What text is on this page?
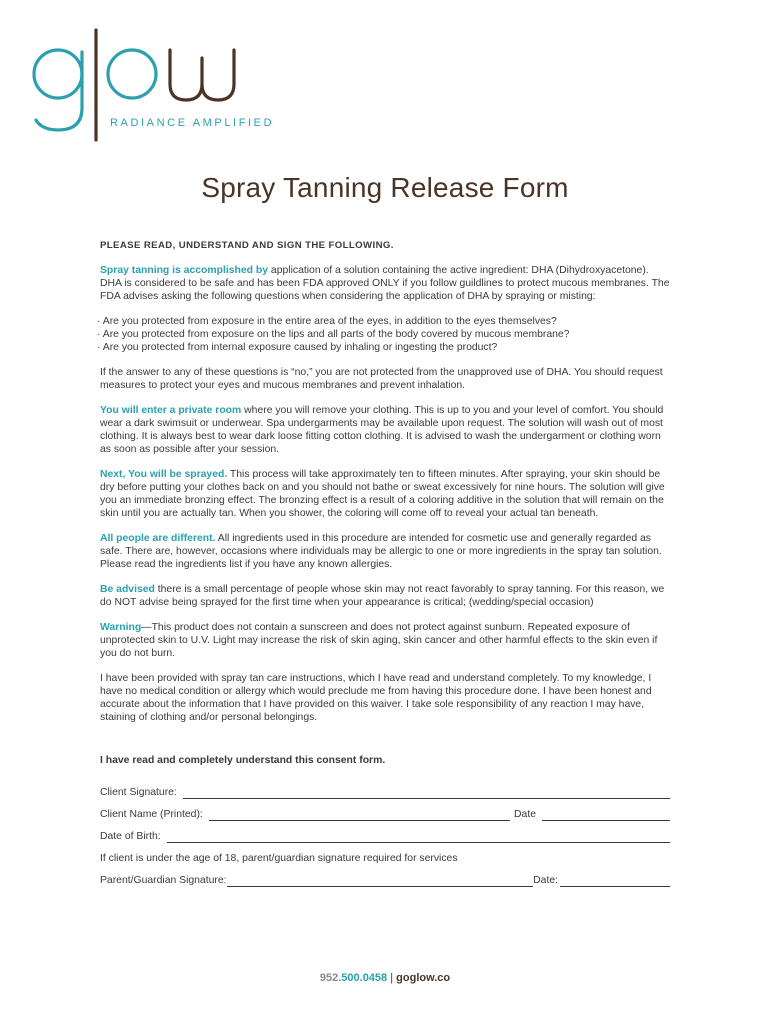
RADIANCE AMPLIFIED
Spray Tanning Release Form

PLEASE READ, UNDERSTAND AND SIGN THE FOLLOWING.

Spray tanning is accomplished by application of a solution containing the active ingredient: DHA (Dihydroxyacetone). DHA is considered to be safe and has been FDA approved ONLY if you follow guildlines to protect mucous membranes. The FDA advises asking the following questions when considering the application of DHA by spraying or misting:

· Are you protected from exposure in the entire area of the eyes, in addition to the eyes themselves?
· Are you protected from exposure on the lips and all parts of the body covered by mucous membrane?
· Are you protected from internal exposure caused by inhaling or ingesting the product?

If the answer to any of these questions is “no,” you are not protected from the unapproved use of DHA. You should request measures to protect your eyes and mucous membranes and prevent inhalation.

You will enter a private room where you will remove your clothing. This is up to you and your level of comfort. You should wear a dark swimsuit or underwear. Spa undergarments may be available upon request. The solution will wash out of most clothing. It is always best to wear dark loose fitting cotton clothing. It is advised to wash the undergarment or clothing worn as soon as possible after your session.

Next, You will be sprayed. This process will take approximately ten to fifteen minutes. After spraying, your skin should be dry before putting your clothes back on and you should not bathe or sweat excessively for nine hours. The solution will give you an immediate bronzing effect. The bronzing effect is a result of a coloring additive in the solution that will remain on the skin until you are actually tan. When you shower, the coloring will come off to reveal your actual tan beneath.

All people are different. All ingredients used in this procedure are intended for cosmetic use and generally regarded as safe. There are, however, occasions where individuals may be allergic to one or more ingredients in the spray tan solution. Please read the ingredients list if you have any known allergies.

Be advised there is a small percentage of people whose skin may not react favorably to spray tanning. For this reason, we do NOT advise being sprayed for the first time when your appearance is critical; (wedding/special occasion)

Warning—This product does not contain a sunscreen and does not protect against sunburn. Repeated exposure of unprotected skin to U.V. Light may increase the risk of skin aging, skin cancer and other harmful effects to the skin even if you do not burn.

I have been provided with spray tan care instructions, which I have read and understand completely. To my knowledge, I have no medical condition or allergy which would preclude me from having this procedure done. I have been honest and accurate about the information that I have provided on this waiver. I take sole responsibility of any reaction I may have, staining of clothing and/or personal belongings.

I have read and completely understand this consent form.
Client Signature:
Client Name (Printed):	Date
Date of Birth:
If client is under the age of 18, parent/guardian signature required for services
Parent/Guardian Signature:	Date:
952.500.0458 | goglow.co
